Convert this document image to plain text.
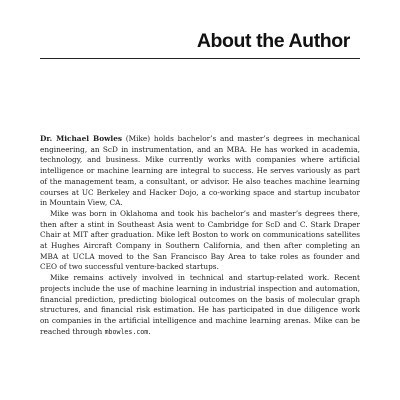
About the Author

Dr. Michael Bowles (Mike) holds bachelor’s and master’s degrees in mechanical engineering, an ScD in instrumentation, and an MBA. He has worked in academia, technology, and business. Mike currently works with companies where artificial intelligence or machine learning are integral to success. He serves variously as part of the management team, a consultant, or advisor. He also teaches machine learning courses at UC Berkeley and Hacker Dojo, a co-working space and startup incubator in Mountain View, CA.

Mike was born in Oklahoma and took his bachelor’s and master’s degrees there, then after a stint in Southeast Asia went to Cambridge for ScD and C. Stark Draper Chair at MIT after graduation. Mike left Boston to work on communications satellites at Hughes Aircraft Company in Southern California, and then after completing an MBA at UCLA moved to the San Francisco Bay Area to take roles as founder and CEO of two successful venture-backed startups.

Mike remains actively involved in technical and startup-related work. Recent projects include the use of machine learning in industrial inspection and automation, financial prediction, predicting biological outcomes on the basis of molecular graph structures, and financial risk estimation. He has participated in due diligence work on companies in the artificial intelligence and machine learning arenas. Mike can be reached through mbowles.com.
